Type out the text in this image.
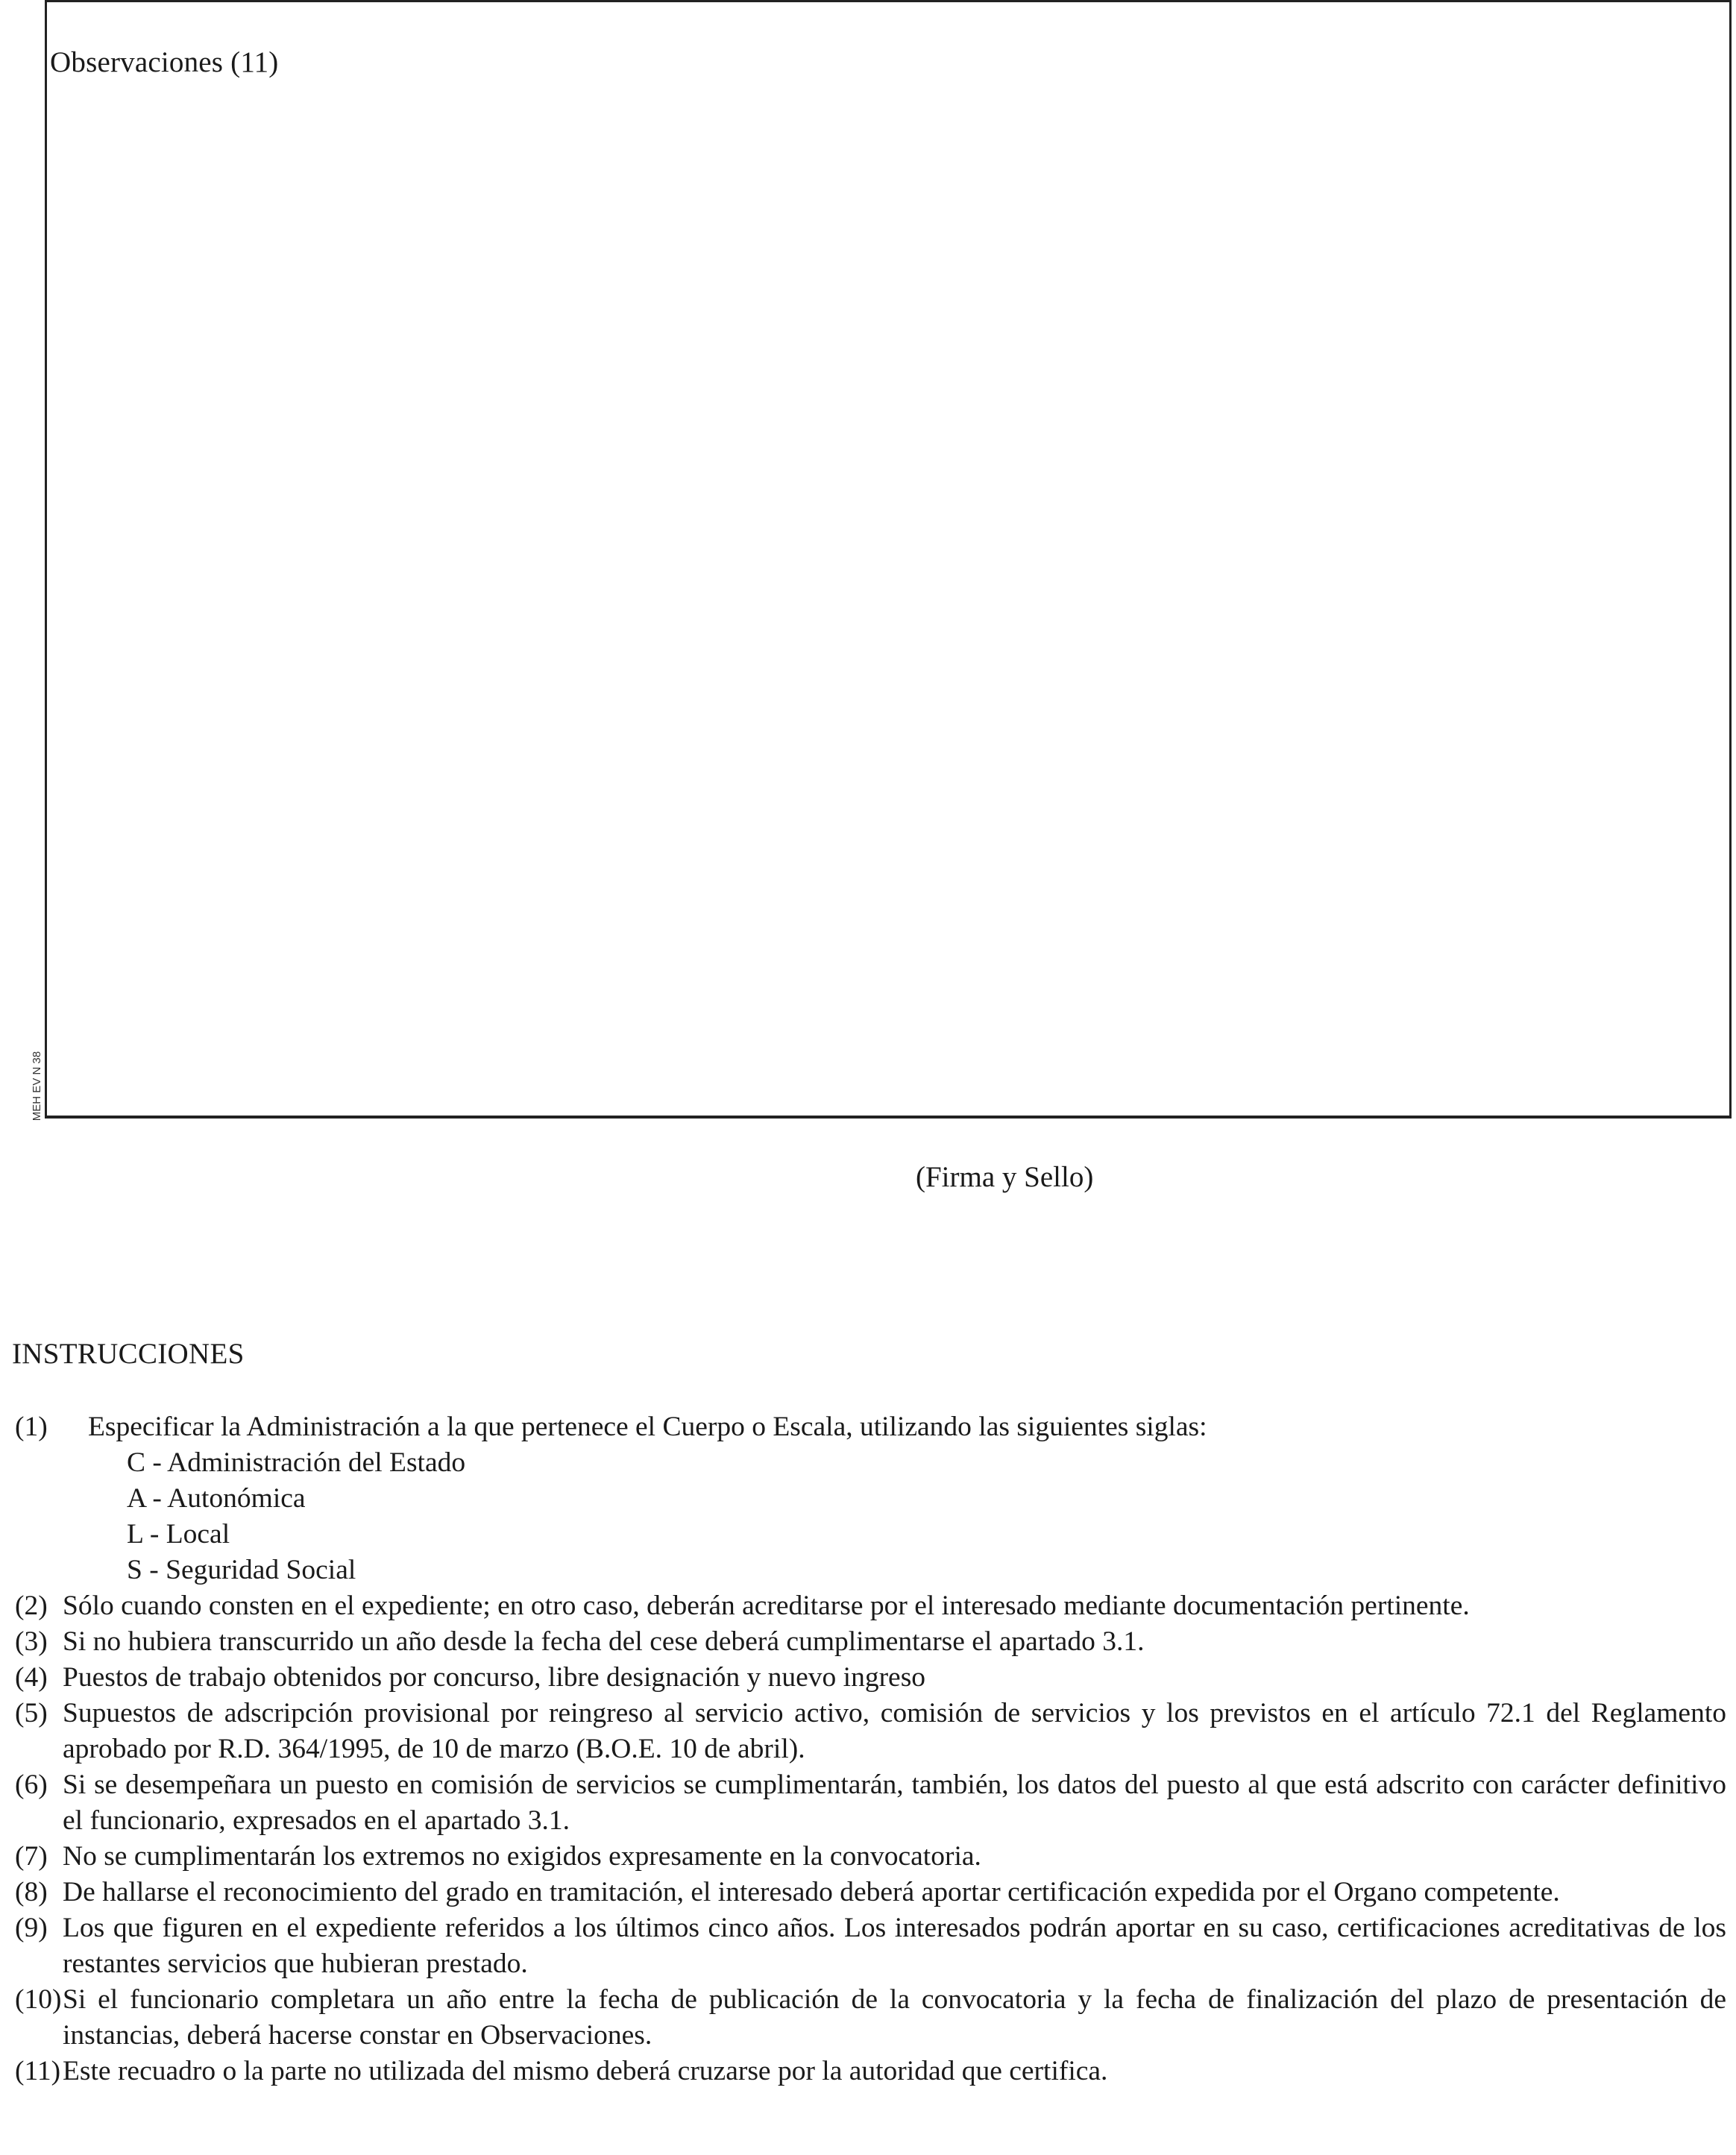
Observaciones (11)
MEH EV N 38
(Firma y Sello)
INSTRUCCIONES
(1) Especificar la Administración a la que pertenece el Cuerpo o Escala, utilizando las siguientes siglas:
C - Administración del Estado
A - Autonómica
L - Local
S - Seguridad Social
(2) Sólo cuando consten en el expediente; en otro caso, deberán acreditarse por el interesado mediante documentación pertinente.
(3) Si no hubiera transcurrido un año desde la fecha del cese deberá cumplimentarse el apartado 3.1.
(4) Puestos de trabajo obtenidos por concurso, libre designación y nuevo ingreso
(5) Supuestos de adscripción provisional por reingreso al servicio activo, comisión de servicios y los previstos en el artículo 72.1 del Reglamento aprobado por R.D. 364/1995, de 10 de marzo (B.O.E. 10 de abril).
(6) Si se desempeñara un puesto en comisión de servicios se cumplimentarán, también, los datos del puesto al que está adscrito con carácter definitivo el funcionario, expresados en el apartado 3.1.
(7) No se cumplimentarán los extremos no exigidos expresamente en la convocatoria.
(8) De hallarse el reconocimiento del grado en tramitación, el interesado deberá aportar certificación expedida por el Organo competente.
(9) Los que figuren en el expediente referidos a los últimos cinco años. Los interesados podrán aportar en su caso, certificaciones acreditativas de los restantes servicios que hubieran prestado.
(10) Si el funcionario completara un año entre la fecha de publicación de la convocatoria y la fecha de finalización del plazo de presentación de instancias, deberá hacerse constar en Observaciones.
(11) Este recuadro o la parte no utilizada del mismo deberá cruzarse por la autoridad que certifica.
